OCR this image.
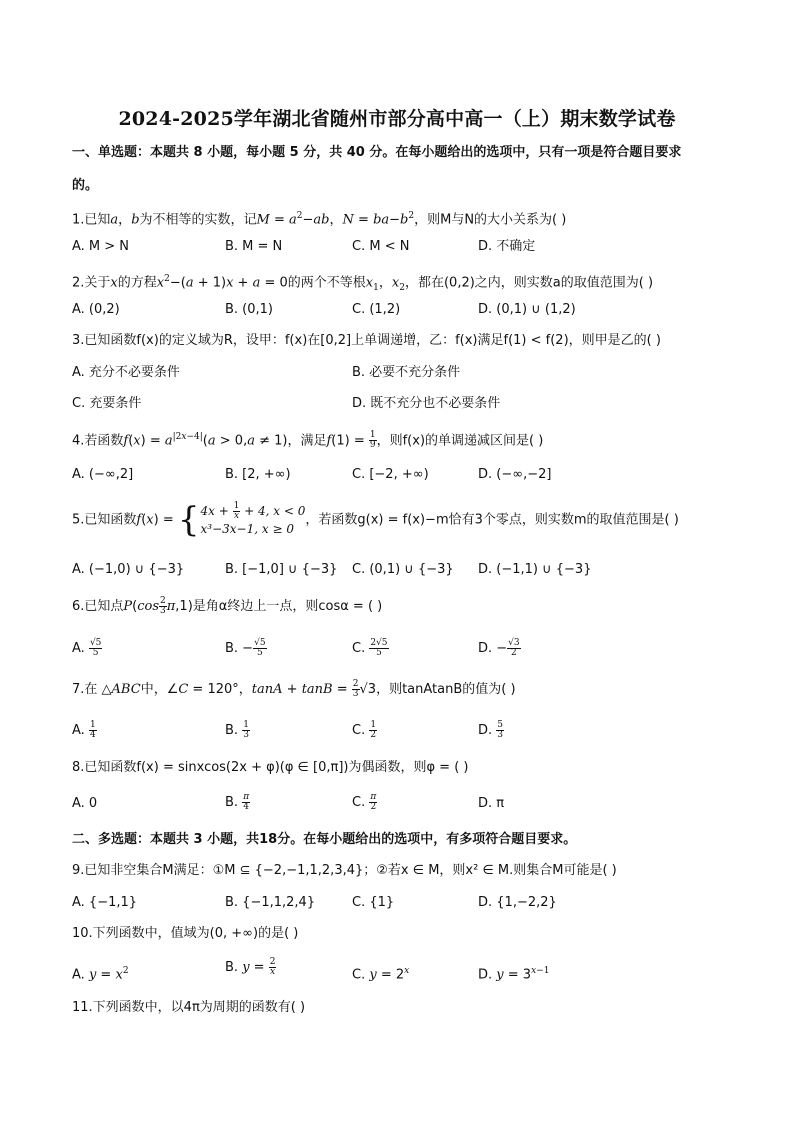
2024-2025学年湖北省随州市部分高中高一（上）期末数学试卷
一、单选题：本题共 8 小题，每小题 5 分，共 40 分。在每小题给出的选项中，只有一项是符合题目要求
的。
1.已知a，b为不相等的实数，记$M = a^2-ab$，$N = ba-b^2$，则M与N的大小关系为( )
A. M > N	B. M = N	C. M < N	D. 不确定
2.关于x的方程$x^2-(a + 1)x + a = 0$的两个不等根$x_1$，$x_2$，都在(0,2)之内，则实数a的取值范围为( )
A. (0,2)	B. (0,1)	C. (1,2)	D. (0,1) ∪ (1,2)
3.已知函数f(x)的定义域为R，设甲：f(x)在[0,2]上单调递增，乙：f(x)满足f(1) < f(2)，则甲是乙的( )
A. 充分不必要条件	B. 必要不充分条件
C. 充要条件	D. 既不充分也不必要条件
4.若函数$f(x) = a^{|2x-4|}(a > 0,a \ne 1)$，满足$f(1) = \frac{1}{9}$ ，则f(x)的单调递减区间是( )
A. (−∞,2]	B. [2, +∞)	C. [−2, +∞)	D. (−∞,−2]
5.已知函数f(x) = { $4x + \frac{1}{x} + 4$, x < 0
x³−3x−1, x ≥ 0
，若函数g(x) = f(x)−m恰有3个零点，则实数m的取值范围是( )
A. (−1,0) ∪ {−3}	B. [−1,0] ∪ {−3} C. (0,1) ∪ {−3} D. (−1,1) ∪ {−3}
6.已知点$P(\cos \frac{2}{3} \pi,1)$是角α终边上一点，则cosα = ( )
A. $\frac{√5}{5}$	B. − $\frac{√5}{5}$	C. $\frac{2√5}{5}$	D. − $\frac{√3}{2}$
7.在 △ABC中，∠C = 120°，$\tan A + \tan B = \frac{2}{3} √3$，则tanAtanB的值为( )
A. $\frac{1}{4}$	B. $\frac{1}{3}$	C. $\frac{1}{2}$	D. $\frac{5}{3}$
8.已知函数f(x) = sinxcos(2x + φ)(φ ∈ [0,π])为偶函数，则φ = ( )
A. 0	B. $\frac{\pi}{4}$	C. $\frac{\pi}{2}$	D. π
二、多选题：本题共 3 小题，共18分。在每小题给出的选项中，有多项符合题目要求。
9.已知非空集合M满足：①M ⊆ {−2,−1,1,2,3,4}；②若x ∈ M，则x² ∈ M.则集合M可能是( )
A. {−1,1}	B. {−1,1,2,4}	C. {1}	D. {1,−2,2}
10.下列函数中，值域为(0, +∞)的是( )
A. $y = x^2$	B. $y = \frac{2}{x}$	C. $y = 2^x$	D. $y = 3^{x-1}$
11.下列函数中，以4π为周期的函数有( )
